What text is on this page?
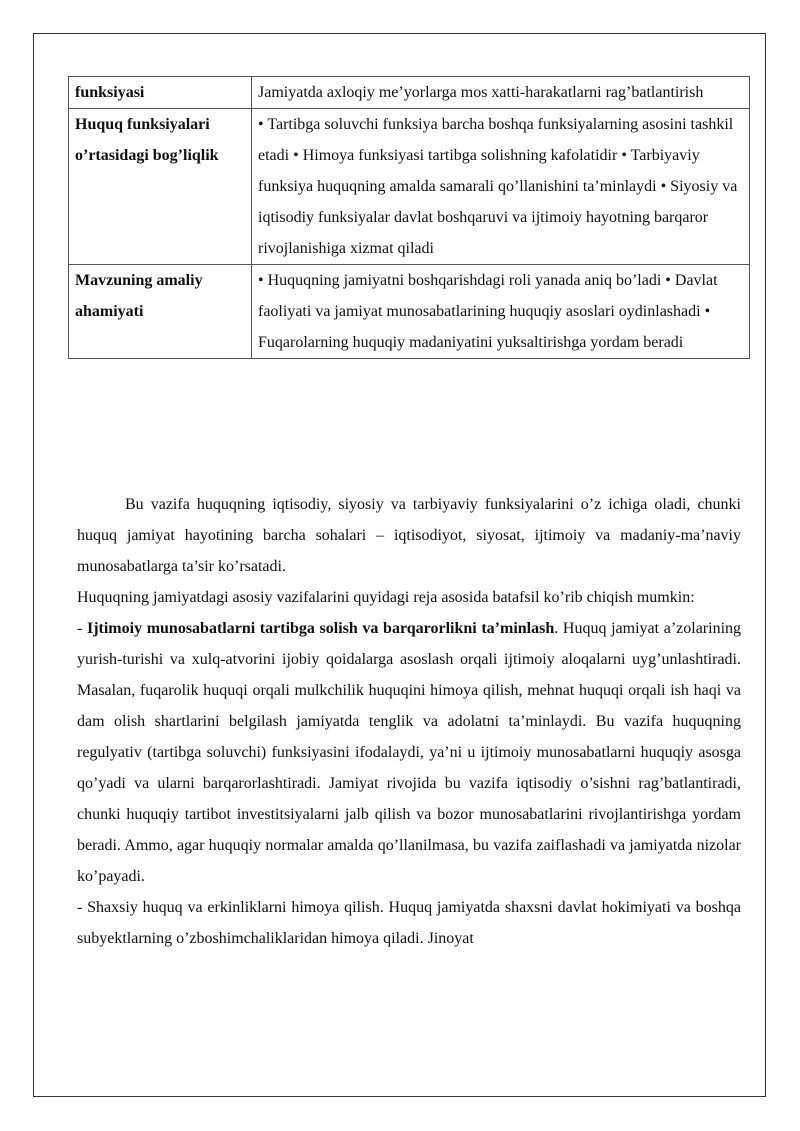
funksiyasi	Jamiyatda axloqiy me’yorlarga mos xatti-harakatlarni rag’batlantirish
Huquq funksiyalari o’rtasidagi bog’liqlik	• Tartibga soluvchi funksiya barcha boshqa funksiyalarning asosini tashkil etadi • Himoya funksiyasi tartibga solishning kafolatidir • Tarbiyaviy funksiya huquqning amalda samarali qo’llanishini ta’minlaydi • Siyosiy va iqtisodiy funksiyalar davlat boshqaruvi va ijtimoiy hayotning barqaror rivojlanishiga xizmat qiladi
Mavzuning amaliy ahamiyati	• Huquqning jamiyatni boshqarishdagi roli yanada aniq bo’ladi • Davlat faoliyati va jamiyat munosabatlarining huquqiy asoslari oydinlashadi • Fuqarolarning huquqiy madaniyatini yuksaltirishga yordam beradi

Bu vazifa huquqning iqtisodiy, siyosiy va tarbiyaviy funksiyalarini o’z ichiga oladi, chunki huquq jamiyat hayotining barcha sohalari – iqtisodiyot, siyosat, ijtimoiy va madaniy-ma’naviy munosabatlarga ta’sir ko’rsatadi.

Huquqning jamiyatdagi asosiy vazifalarini quyidagi reja asosida batafsil ko’rib chiqish mumkin:

- Ijtimoiy munosabatlarni tartibga solish va barqarorlikni ta’minlash. Huquq jamiyat a’zolarining yurish-turishi va xulq-atvorini ijobiy qoidalarga asoslash orqali ijtimoiy aloqalarni uyg’unlashtiradi. Masalan, fuqarolik huquqi orqali mulkchilik huquqini himoya qilish, mehnat huquqi orqali ish haqi va dam olish shartlarini belgilash jamiyatda tenglik va adolatni ta’minlaydi. Bu vazifa huquqning regulyativ (tartibga soluvchi) funksiyasini ifodalaydi, ya’ni u ijtimoiy munosabatlarni huquqiy asosga qo’yadi va ularni barqarorlashtiradi. Jamiyat rivojida bu vazifa iqtisodiy o’sishni rag’batlantiradi, chunki huquqiy tartibot investitsiyalarni jalb qilish va bozor munosabatlarini rivojlantirishga yordam beradi. Ammo, agar huquqiy normalar amalda qo’llanilmasa, bu vazifa zaiflashadi va jamiyatda nizolar ko’payadi.

- Shaxsiy huquq va erkinliklarni himoya qilish. Huquq jamiyatda shaxsni davlat hokimiyati va boshqa subyektlarning o’zboshimchaliklaridan himoya qiladi. Jinoyat
